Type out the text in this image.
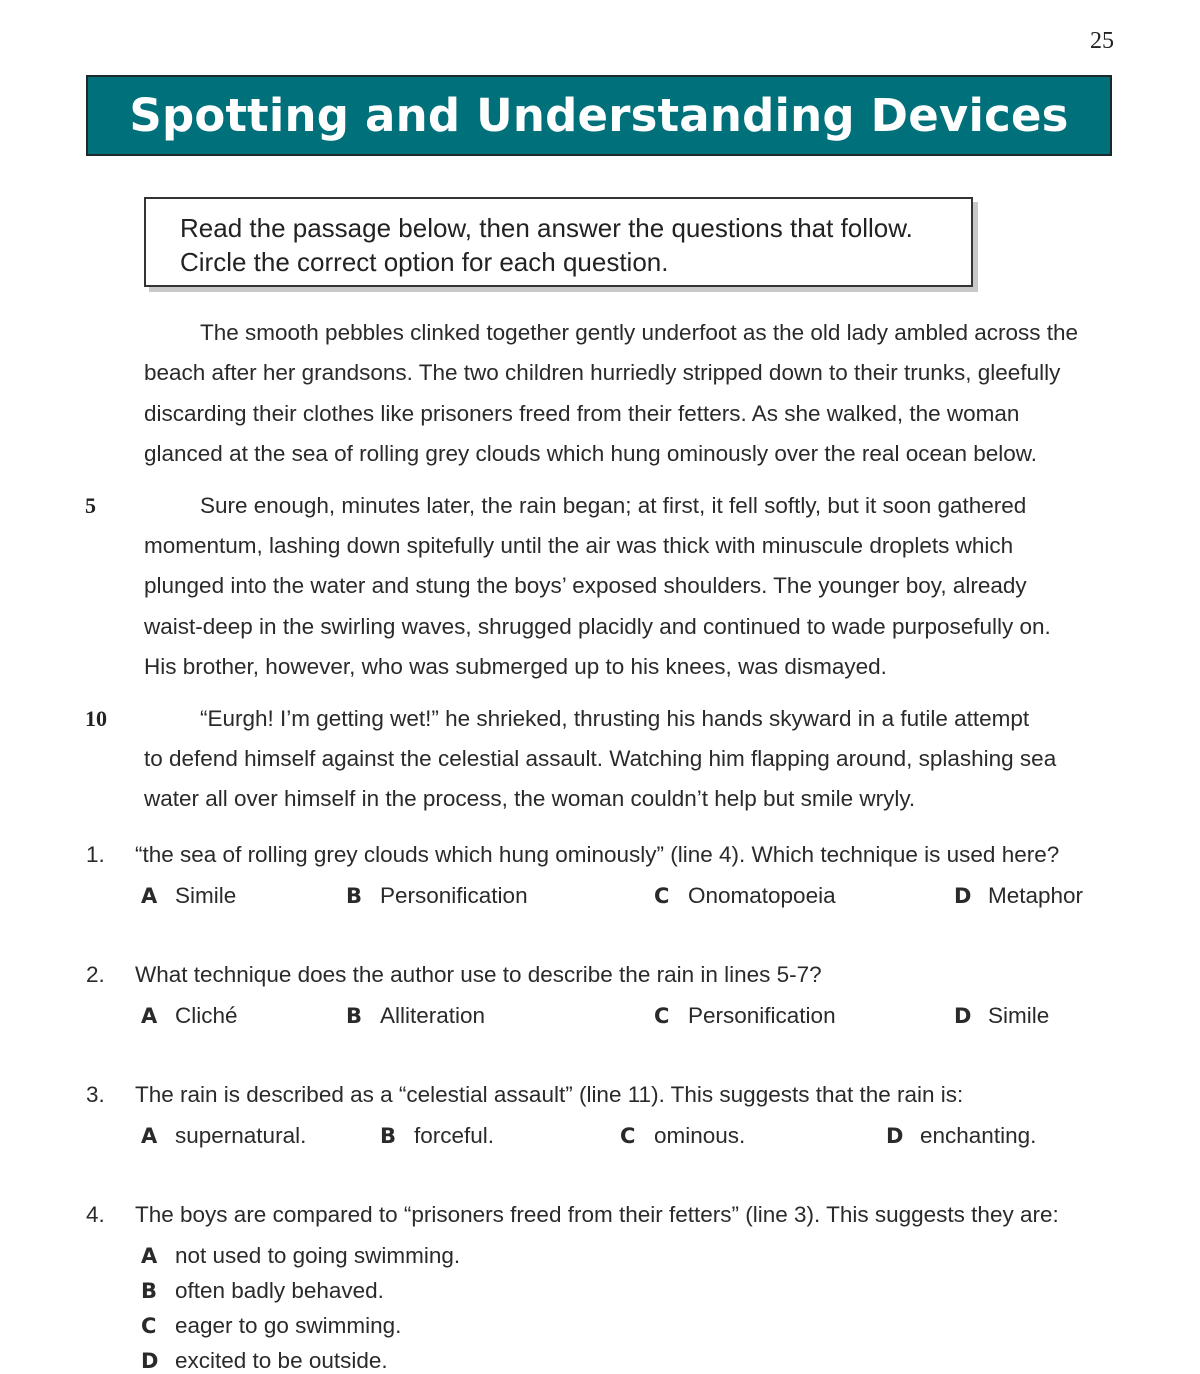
25
Spotting and Understanding Devices

Read the passage below, then answer the questions that follow.

Circle the correct option for each question.

The smooth pebbles clinked together gently underfoot as the old lady ambled across the
beach after her grandsons. The two children hurriedly stripped down to their trunks, gleefully
discarding their clothes like prisoners freed from their fetters. As she walked, the woman
glanced at the sea of rolling grey clouds which hung ominously over the real ocean below.
5	Sure enough, minutes later, the rain began; at first, it fell softly, but it soon gathered
momentum, lashing down spitefully until the air was thick with minuscule droplets which
plunged into the water and stung the boys’ exposed shoulders. The younger boy, already
waist-deep in the swirling waves, shrugged placidly and continued to wade purposefully on.
His brother, however, who was submerged up to his knees, was dismayed.
10	“Eurgh! I’m getting wet!” he shrieked, thrusting his hands skyward in a futile attempt
to defend himself against the celestial assault. Watching him flapping around, splashing sea
water all over himself in the process, the woman couldn’t help but smile wryly.
1. “the sea of rolling grey clouds which hung ominously” (line 4). Which technique is used here?
A Simile	B Personification	C Onomatopoeia	D Metaphor
2. What technique does the author use to describe the rain in lines 5-7?
A Cliché	B Alliteration	C Personification	D Simile
3. The rain is described as a “celestial assault” (line 11). This suggests that the rain is:
A supernatural.	B forceful.	C ominous.	D enchanting.
4. The boys are compared to “prisoners freed from their fetters” (line 3). This suggests they are:
A not used to going swimming.
B often badly behaved.
C eager to go swimming.
D excited to be outside.
